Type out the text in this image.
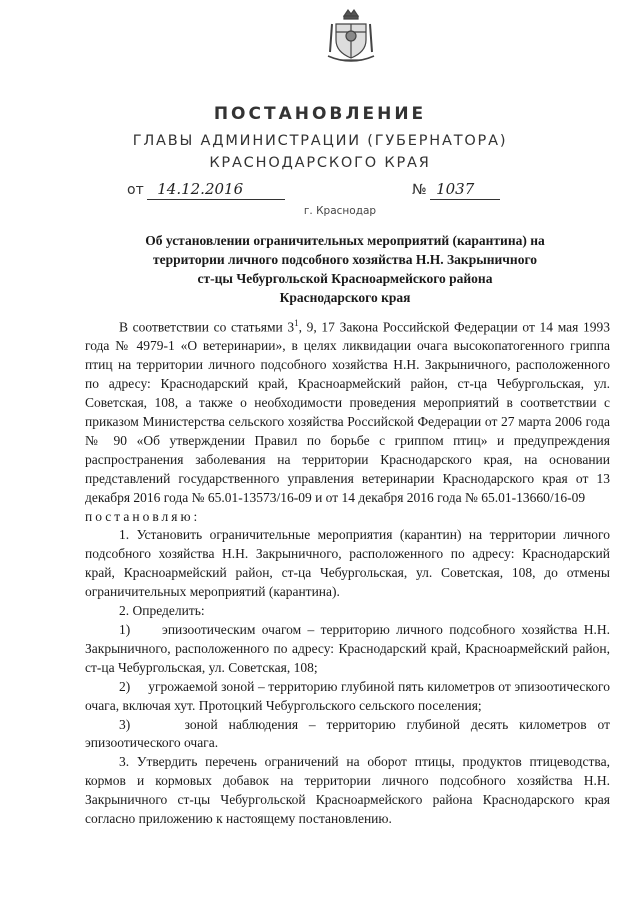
ПОСТАНОВЛЕНИЕ
ГЛАВЫ АДМИНИСТРАЦИИ (ГУБЕРНАТОРА)
КРАСНОДАРСКОГО КРАЯ
от 14.12.2016	№ 1037
г. Краснодар
Об установлении ограничительных мероприятий (карантина) на
территории личного подсобного хозяйства Н.Н. Закрыничного
ст-цы Чебургольской Красноармейского района
Краснодарского края

В соответствии со статьями $3^1$, 9, 17 Закона Российской Федерации от 14 мая 1993 года № 4979-1 «О ветеринарии», в целях ликвидации очага высокопатогенного гриппа птиц на территории личного подсобного хозяйства Н.Н. Закрыничного, расположенного по адресу: Краснодарский край, Красноармейский район, ст-ца Чебургольская, ул. Советская, 108, а также о необходимости проведения мероприятий в соответствии с приказом Министерства сельского хозяйства Российской Федерации от 27 марта 2006 года № 90 «Об утверждении Правил по борьбе с гриппом птиц» и предупреждения распространения заболевания на территории Краснодарского края, на основании представлений государственного управления ветеринарии Краснодарского края от 13 декабря 2016 года № 65.01-13573/16-09 и от 14 декабря 2016 года № 65.01-13660/16-09

постановляю:

1. Установить ограничительные мероприятия (карантин) на территории личного подсобного хозяйства Н.Н. Закрыничного, расположенного по адресу: Краснодарский край, Красноармейский район, ст-ца Чебургольская, ул. Советская, 108, до отмены ограничительных мероприятий (карантина).

2. Определить:

1)     эпизоотическим очагом – территорию личного подсобного хозяйства Н.Н. Закрыничного, расположенного по адресу: Краснодарский край, Красноармейский район, ст-ца Чебургольская, ул. Советская, 108;

2)     угрожаемой зоной – территорию глубиной пять километров от эпизоотического очага, включая хут. Протоцкий Чебургольского сельского поселения;

3)     зоной наблюдения – территорию глубиной десять километров от эпизоотического очага.

3. Утвердить перечень ограничений на оборот птицы, продуктов птицеводства, кормов и кормовых добавок на территории личного подсобного хозяйства Н.Н. Закрыничного ст-цы Чебургольской Красноармейского района Краснодарского края согласно приложению к настоящему постановлению.
